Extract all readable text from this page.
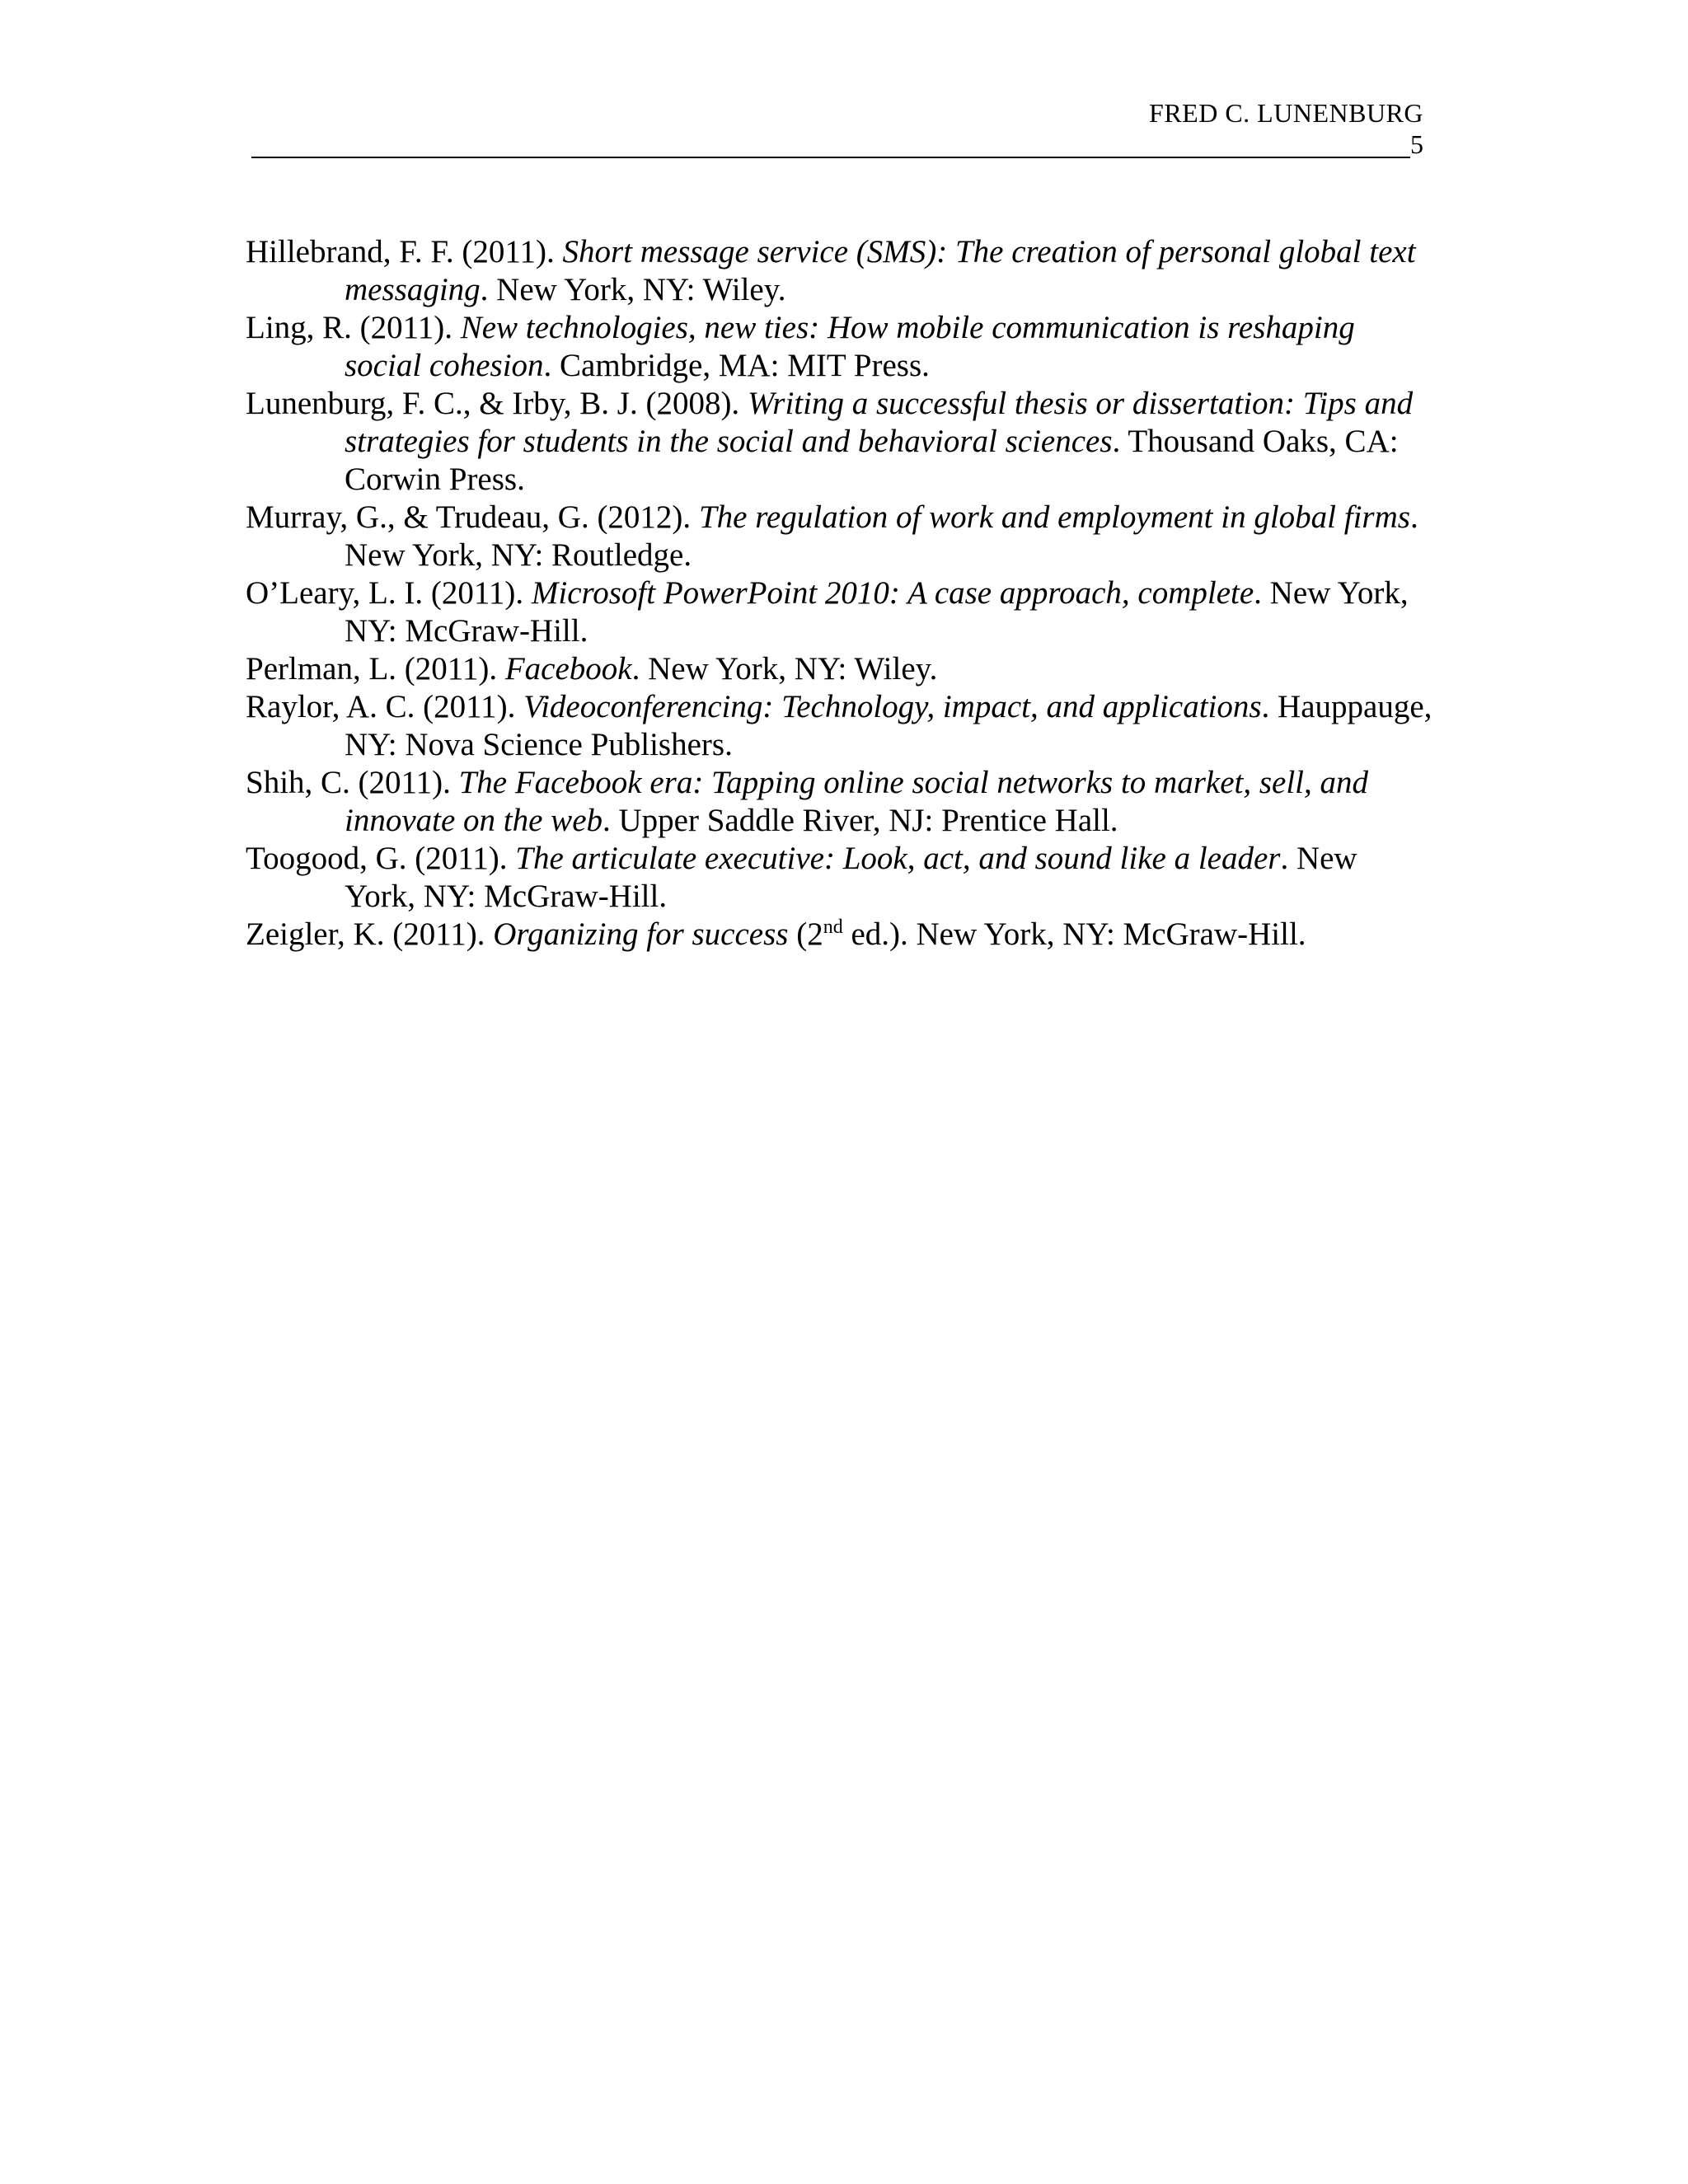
FRED C. LUNENBURG
5
Hillebrand, F. F. (2011). Short message service (SMS): The creation of personal global text messaging. New York, NY: Wiley.
Ling, R. (2011). New technologies, new ties: How mobile communication is reshaping social cohesion. Cambridge, MA: MIT Press.
Lunenburg, F. C., & Irby, B. J. (2008). Writing a successful thesis or dissertation: Tips and strategies for students in the social and behavioral sciences. Thousand Oaks, CA: Corwin Press.
Murray, G., & Trudeau, G. (2012). The regulation of work and employment in global firms. New York, NY: Routledge.
O’Leary, L. I. (2011). Microsoft PowerPoint 2010: A case approach, complete. New York, NY: McGraw-Hill.
Perlman, L. (2011). Facebook. New York, NY: Wiley.
Raylor, A. C. (2011). Videoconferencing: Technology, impact, and applications. Hauppauge, NY: Nova Science Publishers.
Shih, C. (2011). The Facebook era: Tapping online social networks to market, sell, and innovate on the web. Upper Saddle River, NJ: Prentice Hall.
Toogood, G. (2011). The articulate executive: Look, act, and sound like a leader. New York, NY: McGraw-Hill.
Zeigler, K. (2011). Organizing for success (2nd ed.). New York, NY: McGraw-Hill.
